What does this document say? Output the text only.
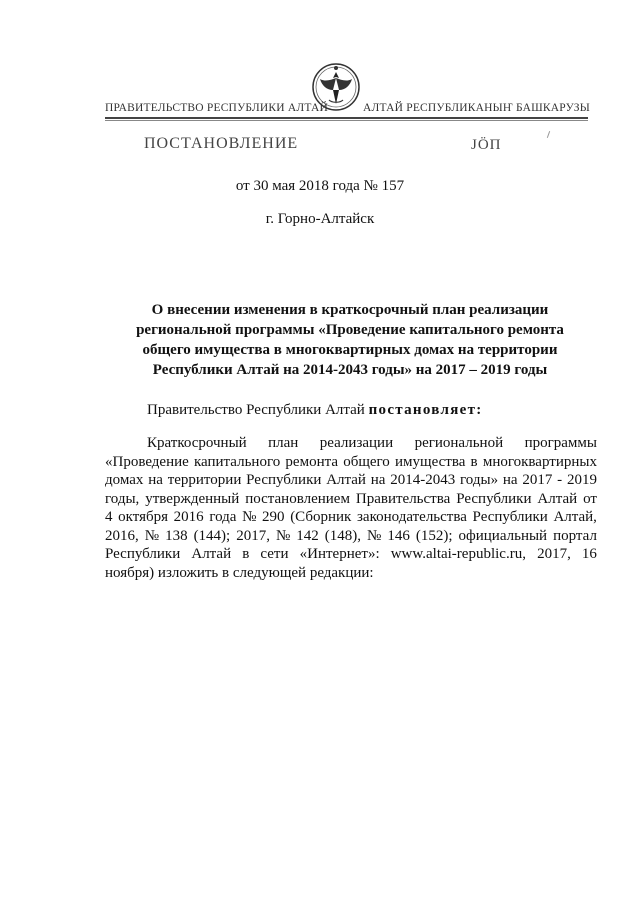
ПРАВИТЕЛЬСТВО РЕСПУБЛИКИ АЛТАЙ	АЛТАЙ РЕСПУБЛИКАНЫҤ БАШКАРУЗЫ
ПОСТАНОВЛЕНИЕ	ЈÖП
от 30 мая 2018 года № 157
г. Горно-Алтайск
О внесении изменения в краткосрочный план реализации
региональной программы «Проведение капитального ремонта
общего имущества в многоквартирных домах на территории
Республики Алтай на 2014-2043 годы» на 2017 – 2019 годы
Правительство Республики Алтай постановляет:
Краткосрочный план реализации региональной программы
«Проведение капитального ремонта общего имущества в многоквартирных
домах на территории Республики Алтай на 2014-2043 годы» на 2017 - 2019
годы, утвержденный постановлением Правительства Республики Алтай от
4 октября 2016 года № 290 (Сборник законодательства Республики Алтай,
2016, № 138 (144); 2017, № 142 (148), № 146 (152); официальный портал
Республики Алтай в сети «Интернет»: www.altai-republic.ru, 2017, 16
ноября) изложить в следующей редакции:
